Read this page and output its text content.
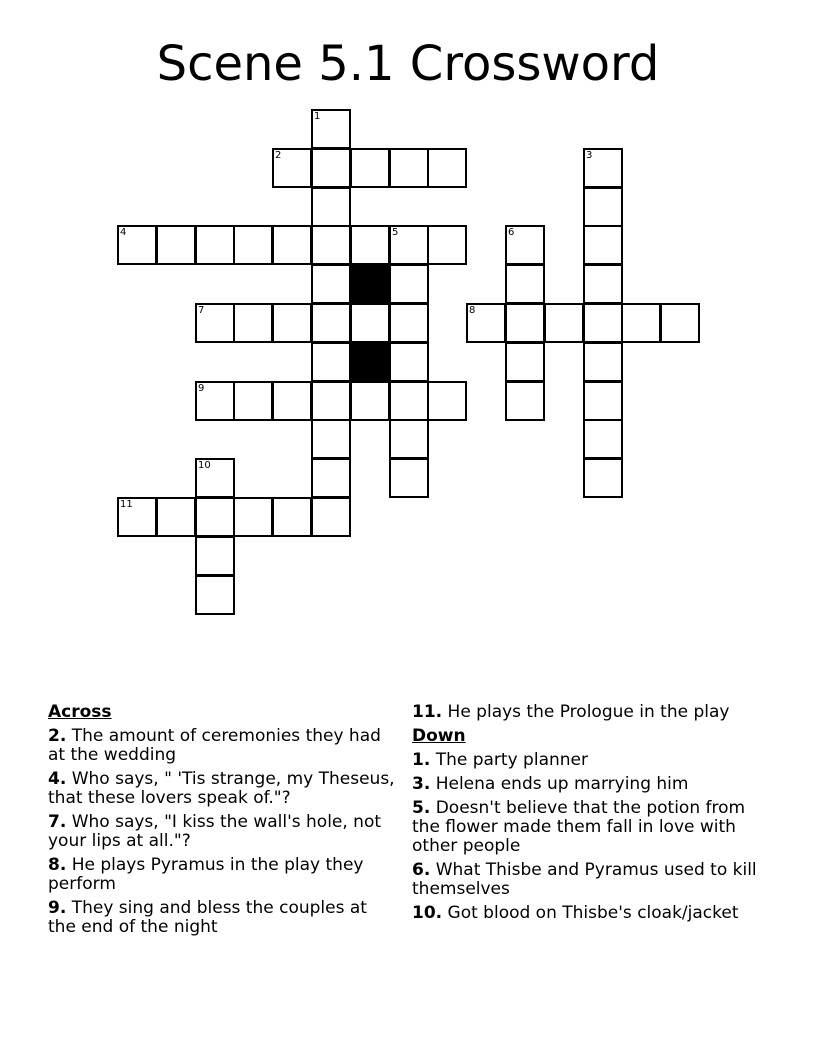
Scene 5.1 Crossword
1
2	3
4	5	6
7	8
9
10
11
Across
2. The amount of ceremonies they had at the wedding
4. Who says, " 'Tis strange, my Theseus, that these lovers speak of."?
7. Who says, "I kiss the wall's hole, not your lips at all."?
8. He plays Pyramus in the play they perform
9. They sing and bless the couples at the end of the night
11. He plays the Prologue in the play
Down
1. The party planner
3. Helena ends up marrying him
5. Doesn't believe that the potion from the flower made them fall in love with other people
6. What Thisbe and Pyramus used to kill themselves
10. Got blood on Thisbe's cloak/jacket
